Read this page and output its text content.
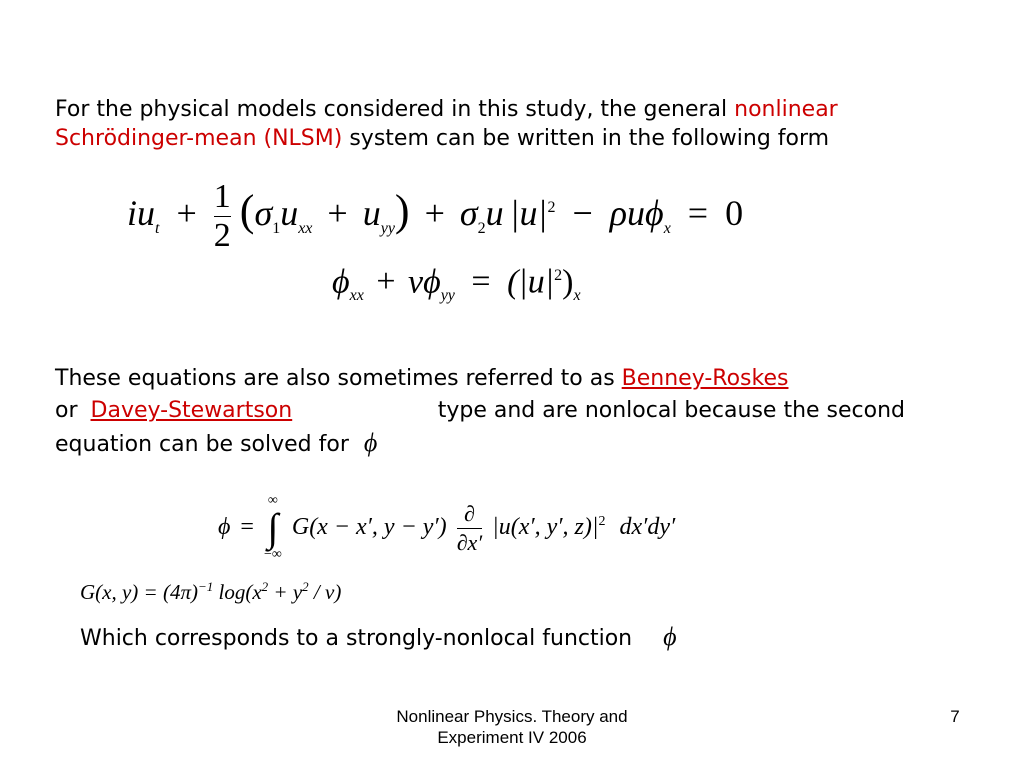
For the physical models considered in this study, the general nonlinear
Schrödinger-mean (NLSM) system can be written in the following form
$iu_t + \frac{1}{2} (\sigma_1u_{xx} + u_{yy}) + \sigma_2u$ $|u|^2 - \rho u\phi_x = 0$
$\phi_{xx} + \nu\phi_{yy} = (|u|^2)_x$
These equations are also sometimes referred to as Benney-Roskes
or Davey-Stewartson	type and are nonlocal because the second
equation can be solved for ϕ
ϕ =
∞
∫
−∞
G(x − x′, $y - y') \frac{\partial}{\partial x'} |u(x'$, y′, $z)|^2$ dx′dy′
G(x, $y) = (4\pi)^{-1}$ $\log(x^2 + y^2 / \nu)$
Which corresponds to a strongly-nonlocal function ϕ
Nonlinear Physics. Theory and
Experiment IV 2006
7
